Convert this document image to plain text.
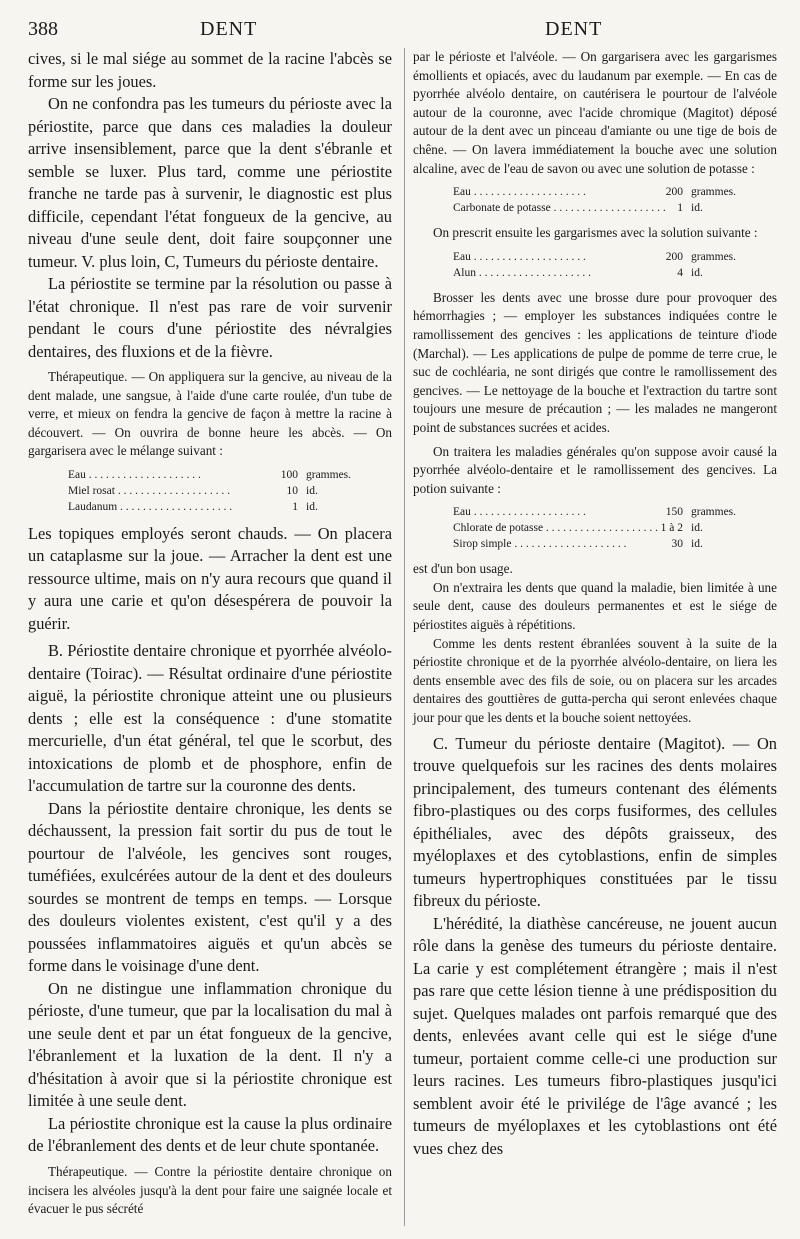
388	DENT	DENT

cives, si le mal siége au sommet de la racine l'abcès se forme sur les joues.

On ne confondra pas les tumeurs du périoste avec la périostite, parce que dans ces maladies la douleur arrive insensiblement, parce que la dent s'ébranle et semble se luxer. Plus tard, comme une périostite franche ne tarde pas à survenir, le diagnostic est plus difficile, cependant l'état fongueux de la gencive, au niveau d'une seule dent, doit faire soupçonner une tumeur. V. plus loin, C, Tumeurs du périoste dentaire.

La périostite se termine par la résolution ou passe à l'état chronique. Il n'est pas rare de voir survenir pendant le cours d'une périostite des névralgies dentaires, des fluxions et de la fièvre.

Thérapeutique. — On appliquera sur la gencive, au niveau de la dent malade, une sangsue, à l'aide d'une carte roulée, d'un tube de verre, et mieux on fendra la gencive de façon à mettre la racine à découvert. — On ouvrira de bonne heure les abcès. — On gargarisera avec le mélange suivant :

Eau . . . . . . . . . . . . . . . . . . . .	100 grammes.
Miel rosat . . . . . . . . . . . . . . . . . . . .	10 id.
Laudanum . . . . . . . . . . . . . . . . . . . .	1 id.

Les topiques employés seront chauds. — On placera un cataplasme sur la joue. — Arracher la dent est une ressource ultime, mais on n'y aura recours que quand il y aura une carie et qu'on désespérera de pouvoir la guérir.

B. Périostite dentaire chronique et pyorrhée alvéolo-dentaire (Toirac). — Résultat ordinaire d'une périostite aiguë, la périostite chronique atteint une ou plusieurs dents ; elle est la conséquence : d'une stomatite mercurielle, d'un état général, tel que le scorbut, des intoxications de plomb et de phosphore, enfin de l'accumulation de tartre sur la couronne des dents.

Dans la périostite dentaire chronique, les dents se déchaussent, la pression fait sortir du pus de tout le pourtour de l'alvéole, les gencives sont rouges, tuméfiées, exulcérées autour de la dent et des douleurs sourdes se montrent de temps en temps. — Lorsque des douleurs violentes existent, c'est qu'il y a des poussées inflammatoires aiguës et qu'un abcès se forme dans le voisinage d'une dent.

On ne distingue une inflammation chronique du périoste, d'une tumeur, que par la localisation du mal à une seule dent et par un état fongueux de la gencive, l'ébranlement et la luxation de la dent. Il n'y a d'hésitation à avoir que si la périostite chronique est limitée à une seule dent.

La périostite chronique est la cause la plus ordinaire de l'ébranlement des dents et de leur chute spontanée.

Thérapeutique. — Contre la périostite dentaire chronique on incisera les alvéoles jusqu'à la dent pour faire une saignée locale et évacuer le pus sécrété

par le périoste et l'alvéole. — On gargarisera avec les gargarismes émollients et opiacés, avec du laudanum par exemple. — En cas de pyorrhée alvéolo dentaire, on cautérisera le pourtour de l'alvéole autour de la couronne, avec l'acide chromique (Magitot) déposé autour de la dent avec un pinceau d'amiante ou une tige de bois de chêne. — On lavera immédiatement la bouche avec une solution alcaline, avec de l'eau de savon ou avec une solution de potasse :

Eau . . . . . . . . . . . . . . . . . . . .	200 grammes.
Carbonate de potasse . . . . . . . . . . . . . . . . . . . .	1 id.

On prescrit ensuite les gargarismes avec la solution suivante :

Eau . . . . . . . . . . . . . . . . . . . .	200 grammes.
Alun . . . . . . . . . . . . . . . . . . . .	4 id.

Brosser les dents avec une brosse dure pour provoquer des hémorrhagies ; — employer les substances indiquées contre le ramollissement des gencives : les applications de teinture d'iode (Marchal). — Les applications de pulpe de pomme de terre crue, le suc de cochléaria, ne sont dirigés que contre le ramollissement des gencives. — Le nettoyage de la bouche et l'extraction du tartre sont toujours une mesure de précaution ; — les malades ne mangeront point de substances sucrées et acides.

On traitera les maladies générales qu'on suppose avoir causé la pyorrhée alvéolo-dentaire et le ramollissement des gencives. La potion suivante :

Eau . . . . . . . . . . . . . . . . . . . .	150 grammes.
Chlorate de potasse . . . . . . . . . . . . . . . . . . . . 1 à 2 id.
Sirop simple . . . . . . . . . . . . . . . . . . . .	30 id.

est d'un bon usage.

On n'extraira les dents que quand la maladie, bien limitée à une seule dent, cause des douleurs permanentes et est le siége de périostites aiguës à répétitions.

Comme les dents restent ébranlées souvent à la suite de la périostite chronique et de la pyorrhée alvéolo-dentaire, on liera les dents ensemble avec des fils de soie, ou on placera sur les arcades dentaires des gouttières de gutta-percha qui seront enlevées chaque jour pour que les dents et la bouche soient nettoyées.

C. Tumeur du périoste dentaire (Magitot). — On trouve quelquefois sur les racines des dents molaires principalement, des tumeurs contenant des éléments fibro-plastiques ou des corps fusiformes, des cellules épithéliales, avec des dépôts graisseux, des myéloplaxes et des cytoblastions, enfin de simples tumeurs hypertrophiques constituées par le tissu fibreux du périoste.

L'hérédité, la diathèse cancéreuse, ne jouent aucun rôle dans la genèse des tumeurs du périoste dentaire. La carie y est complétement étrangère ; mais il n'est pas rare que cette lésion tienne à une prédisposition du sujet. Quelques malades ont parfois remarqué que des dents, enlevées avant celle qui est le siége d'une tumeur, portaient comme celle-ci une production sur leurs racines. Les tumeurs fibro-plastiques jusqu'ici semblent avoir été le privilége de l'âge avancé ; les tumeurs de myéloplaxes et les cytoblastions ont été vues chez des
